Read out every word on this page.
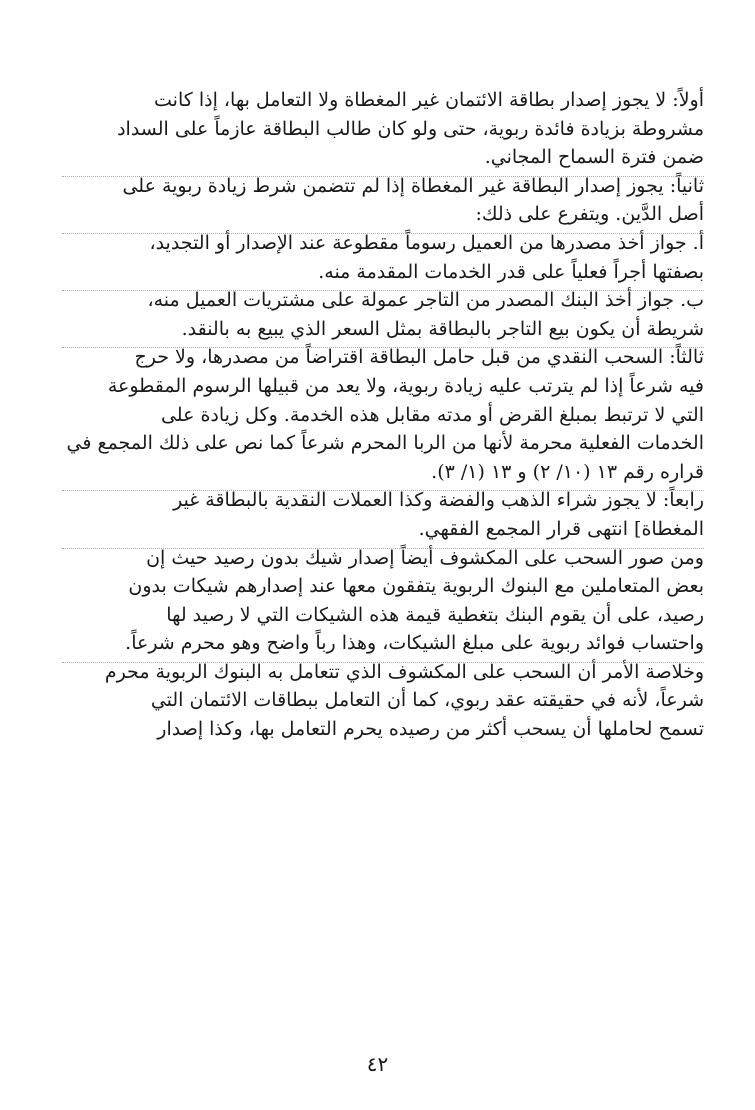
أولاً: لا يجوز إصدار بطاقة الائتمان غير المغطاة ولا التعامل بها، إذا كانت
مشروطة بزيادة فائدة ربوية، حتى ولو كان طالب البطاقة عازماً على السداد
ضمن فترة السماح المجاني.
ثانياً: يجوز إصدار البطاقة غير المغطاة إذا لم تتضمن شرط زيادة ربوية على
أصل الدَّين. ويتفرع على ذلك:
أ. جواز أخذ مصدرها من العميل رسوماً مقطوعة عند الإصدار أو التجديد،
بصفتها أجراً فعلياً على قدر الخدمات المقدمة منه.
ب. جواز أخذ البنك المصدر من التاجر عمولة على مشتريات العميل منه،
شريطة أن يكون بيع التاجر بالبطاقة بمثل السعر الذي يبيع به بالنقد.
ثالثاً: السحب النقدي من قبل حامل البطاقة اقتراضاً من مصدرها، ولا حرج
فيه شرعاً إذا لم يترتب عليه زيادة ربوية، ولا يعد من قبيلها الرسوم المقطوعة
التي لا ترتبط بمبلغ القرض أو مدته مقابل هذه الخدمة. وكل زيادة على
الخدمات الفعلية محرمة لأنها من الربا المحرم شرعاً كما نص على ذلك المجمع في
قراره رقم ١٣ (١٠/ ٢) و ١٣ (١/ ٣).
رابعاً: لا يجوز شراء الذهب والفضة وكذا العملات النقدية بالبطاقة غير
المغطاة] انتهى قرار المجمع الفقهي.
ومن صور السحب على المكشوف أيضاً إصدار شيك بدون رصيد حيث إن
بعض المتعاملين مع البنوك الربوية يتفقون معها عند إصدارهم شيكات بدون
رصيد، على أن يقوم البنك بتغطية قيمة هذه الشيكات التي لا رصيد لها
واحتساب فوائد ربوية على مبلغ الشيكات، وهذا رباً واضح وهو محرم شرعاً.
وخلاصة الأمر أن السحب على المكشوف الذي تتعامل به البنوك الربوية محرم
شرعاً، لأنه في حقيقته عقد ربوي، كما أن التعامل ببطاقات الائتمان التي
تسمح لحاملها أن يسحب أكثر من رصيده يحرم التعامل بها، وكذا إصدار
٤٢
